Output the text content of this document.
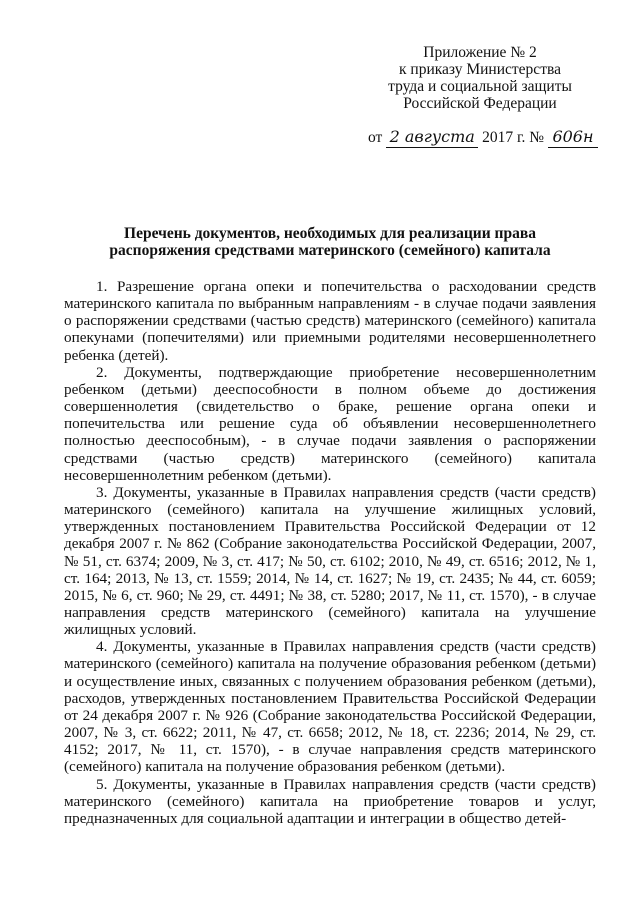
Приложение № 2
к приказу Министерства
труда и социальной защиты
Российской Федерации
от 2 августа 2017 г. № 606н
Перечень документов, необходимых для реализации права
распоряжения средствами материнского (семейного) капитала

1. Разрешение органа опеки и попечительства о расходовании средств материнского капитала по выбранным направлениям - в случае подачи заявления о распоряжении средствами (частью средств) материнского (семейного) капитала опекунами (попечителями) или приемными родителями несовершеннолетнего ребенка (детей).

2. Документы, подтверждающие приобретение несовершеннолетним ребенком (детьми) дееспособности в полном объеме до достижения совершеннолетия (свидетельство о браке, решение органа опеки и попечительства или решение суда об объявлении несовершеннолетнего полностью дееспособным), - в случае подачи заявления о распоряжении средствами (частью средств) материнского (семейного) капитала несовершеннолетним ребенком (детьми).

3. Документы, указанные в Правилах направления средств (части средств) материнского (семейного) капитала на улучшение жилищных условий, утвержденных постановлением Правительства Российской Федерации от 12 декабря 2007 г. № 862 (Собрание законодательства Российской Федерации, 2007, № 51, ст. 6374; 2009, № 3, ст. 417; № 50, ст. 6102; 2010, № 49, ст. 6516; 2012, № 1, ст. 164; 2013, № 13, ст. 1559; 2014, № 14, ст. 1627; № 19, ст. 2435; № 44, ст. 6059; 2015, № 6, ст. 960; № 29, ст. 4491; № 38, ст. 5280; 2017, № 11, ст. 1570), - в случае направления средств материнского (семейного) капитала на улучшение жилищных условий.

4. Документы, указанные в Правилах направления средств (части средств) материнского (семейного) капитала на получение образования ребенком (детьми) и осуществление иных, связанных с получением образования ребенком (детьми), расходов, утвержденных постановлением Правительства Российской Федерации от 24 декабря 2007 г. № 926 (Собрание законодательства Российской Федерации, 2007, № 3, ст. 6622; 2011, № 47, ст. 6658; 2012, № 18, ст. 2236; 2014, № 29, ст. 4152; 2017, № 11, ст. 1570), - в случае направления средств материнского (семейного) капитала на получение образования ребенком (детьми).

5. Документы, указанные в Правилах направления средств (части средств) материнского (семейного) капитала на приобретение товаров и услуг, предназначенных для социальной адаптации и интеграции в общество детей-
